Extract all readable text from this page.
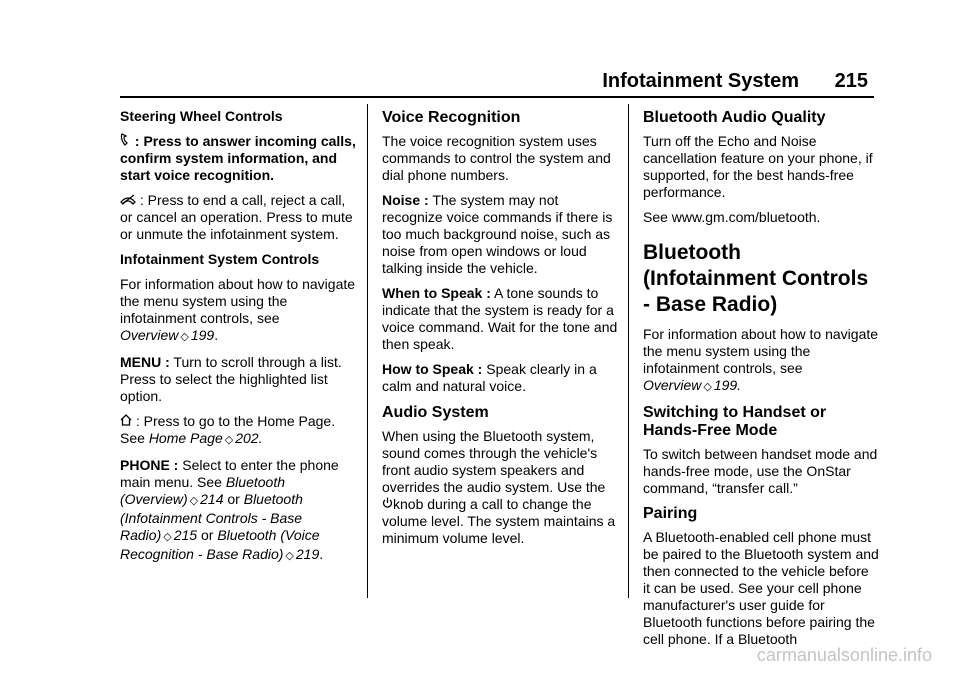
Infotainment System 215

Steering Wheel Controls

: Press to answer incoming calls, confirm system information, and start voice recognition.

: Press to end a call, reject a call, or cancel an operation. Press to mute or unmute the infotainment system.

Infotainment System Controls

For information about how to navigate the menu system using the infotainment controls, see
Overview ◇ 199.

MENU : Turn to scroll through a list. Press to select the highlighted list option.

: Press to go to the Home Page. See Home Page ◇ 202.

PHONE : Select to enter the phone main menu. See Bluetooth (Overview) ◇ 214 or Bluetooth (Infotainment Controls - Base Radio) ◇ 215 or Bluetooth (Voice Recognition - Base Radio) ◇ 219.

Voice Recognition

The voice recognition system uses commands to control the system and dial phone numbers.

Noise : The system may not recognize voice commands if there is too much background noise, such as noise from open windows or loud talking inside the vehicle.

When to Speak : A tone sounds to indicate that the system is ready for a voice command. Wait for the tone and then speak.

How to Speak : Speak clearly in a calm and natural voice.

Audio System

When using the Bluetooth system, sound comes through the vehicle's front audio system speakers and overrides the audio system. Use the knob during a call to change the volume level. The system maintains a minimum volume level.

Bluetooth Audio Quality

Turn off the Echo and Noise cancellation feature on your phone, if supported, for the best hands-free performance.

See www.gm.com/bluetooth.

Bluetooth (Infotainment Controls - Base Radio)

For information about how to navigate the menu system using the infotainment controls, see
Overview ◇ 199.

Switching to Handset or Hands-Free Mode

To switch between handset mode and hands-free mode, use the OnStar command, “transfer call.”

Pairing

A Bluetooth-enabled cell phone must be paired to the Bluetooth system and then connected to the vehicle before it can be used. See your cell phone manufacturer's user guide for Bluetooth functions before pairing the cell phone. If a Bluetooth

carmanualsonline.info
